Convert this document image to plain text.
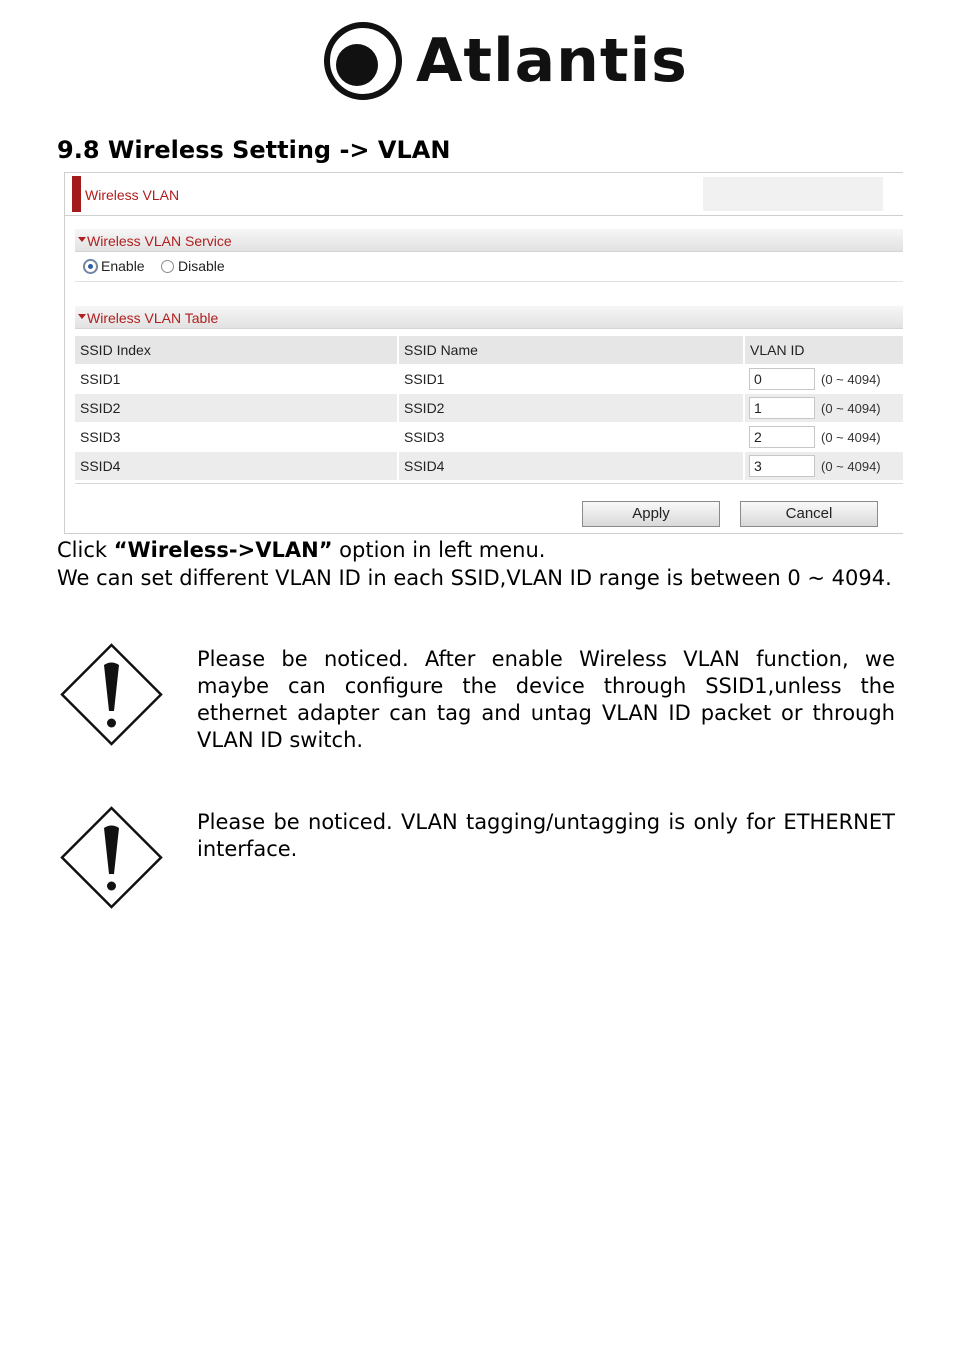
Atlantis
9.8 Wireless Setting -> VLAN
Wireless VLAN
Wireless VLAN Service
Enable Disable
Wireless VLAN Table
SSID Index	SSID Name	VLAN ID
SSID1	SSID1	0	(0 ~ 4094)
SSID2	SSID2	1	(0 ~ 4094)
SSID3	SSID3	2	(0 ~ 4094)
SSID4	SSID4	3	(0 ~ 4094)
Apply	Cancel
Click “Wireless->VLAN” option in left menu.
We can set different VLAN ID in each SSID,VLAN ID range is between 0 ~ 4094.
Please be noticed. After enable Wireless VLAN function, we maybe can configure the device through SSID1,unless the ethernet adapter can tag and untag VLAN ID packet or through VLAN ID switch.
Please be noticed. VLAN tagging/untagging is only for ETHERNET interface.
